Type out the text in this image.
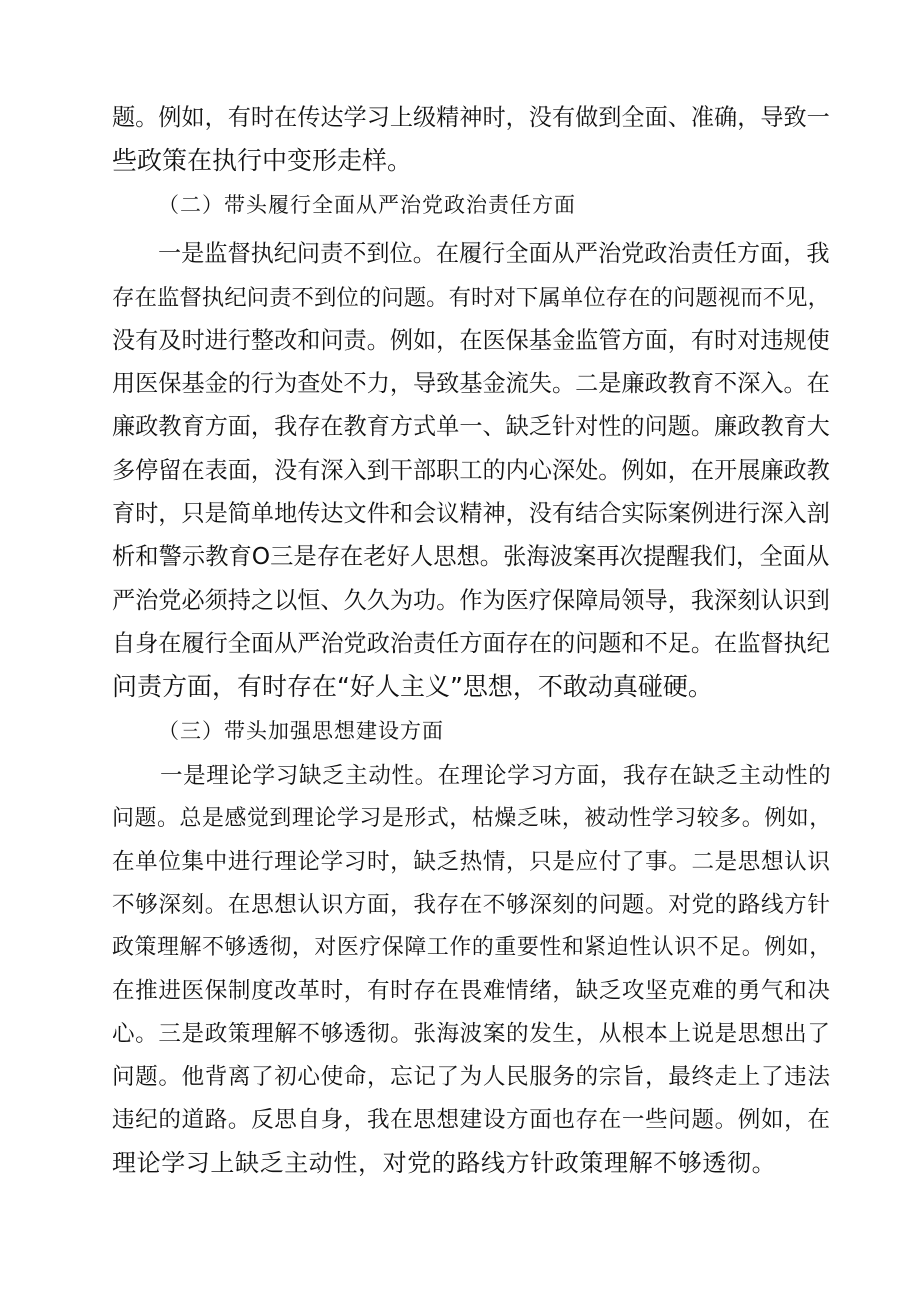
题。例如，有时在传达学习上级精神时，没有做到全面、准确，导致一
些政策在执行中变形走样。
（二）带头履行全面从严治党政治责任方面
一是监督执纪问责不到位。在履行全面从严治党政治责任方面，我
存在监督执纪问责不到位的问题。有时对下属单位存在的问题视而不见，
没有及时进行整改和问责。例如，在医保基金监管方面，有时对违规使
用医保基金的行为查处不力，导致基金流失。二是廉政教育不深入。在
廉政教育方面，我存在教育方式单一、缺乏针对性的问题。廉政教育大
多停留在表面，没有深入到干部职工的内心深处。例如，在开展廉政教
育时，只是简单地传达文件和会议精神，没有结合实际案例进行深入剖
析和警示教育O三是存在老好人思想。张海波案再次提醒我们，全面从
严治党必须持之以恒、久久为功。作为医疗保障局领导，我深刻认识到
自身在履行全面从严治党政治责任方面存在的问题和不足。在监督执纪
问责方面，有时存在“好人主义”思想，不敢动真碰硬。
（三）带头加强思想建设方面
一是理论学习缺乏主动性。在理论学习方面，我存在缺乏主动性的
问题。总是感觉到理论学习是形式，枯燥乏味，被动性学习较多。例如，
在单位集中进行理论学习时，缺乏热情，只是应付了事。二是思想认识
不够深刻。在思想认识方面，我存在不够深刻的问题。对党的路线方针
政策理解不够透彻，对医疗保障工作的重要性和紧迫性认识不足。例如，
在推进医保制度改革时，有时存在畏难情绪，缺乏攻坚克难的勇气和决
心。三是政策理解不够透彻。张海波案的发生，从根本上说是思想出了
问题。他背离了初心使命，忘记了为人民服务的宗旨，最终走上了违法
违纪的道路。反思自身，我在思想建设方面也存在一些问题。例如，在
理论学习上缺乏主动性，对党的路线方针政策理解不够透彻。
